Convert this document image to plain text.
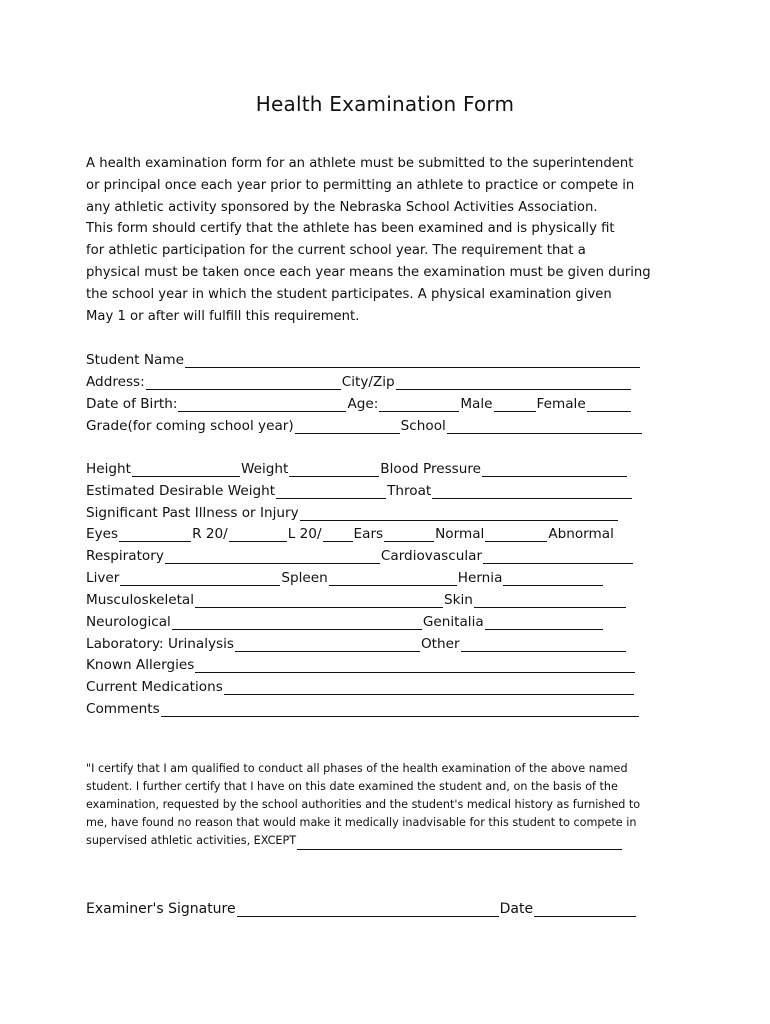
Health Examination Form
A health examination form for an athlete must be submitted to the superintendent
or principal once each year prior to permitting an athlete to practice or compete in
any athletic activity sponsored by the Nebraska School Activities Association.
This form should certify that the athlete has been examined and is physically fit
for athletic participation for the current school year. The requirement that a
physical must be taken once each year means the examination must be given during
the school year in which the student participates. A physical examination given
May 1 or after will fulfill this requirement.
Student Name
Address:	City/Zip
Date of Birth:	Age:	Male	Female
Grade(for coming school year)	School
Height	Weight	Blood Pressure
Estimated Desirable Weight	Throat
Significant Past Illness or Injury
Eyes	R 20/	L 20/ Ears	Normal	Abnormal
Respiratory	Cardiovascular
Liver	Spleen	Hernia
Musculoskeletal	Skin
Neurological	Genitalia
Laboratory: Urinalysis	Other
Known Allergies
Current Medications
Comments
"I certify that I am qualified to conduct all phases of the health examination of the above named
student. I further certify that I have on this date examined the student and, on the basis of the
examination, requested by the school authorities and the student's medical history as furnished to
me, have found no reason that would make it medically inadvisable for this student to compete in
supervised athletic activities, EXCEPT
Examiner's Signature	Date
